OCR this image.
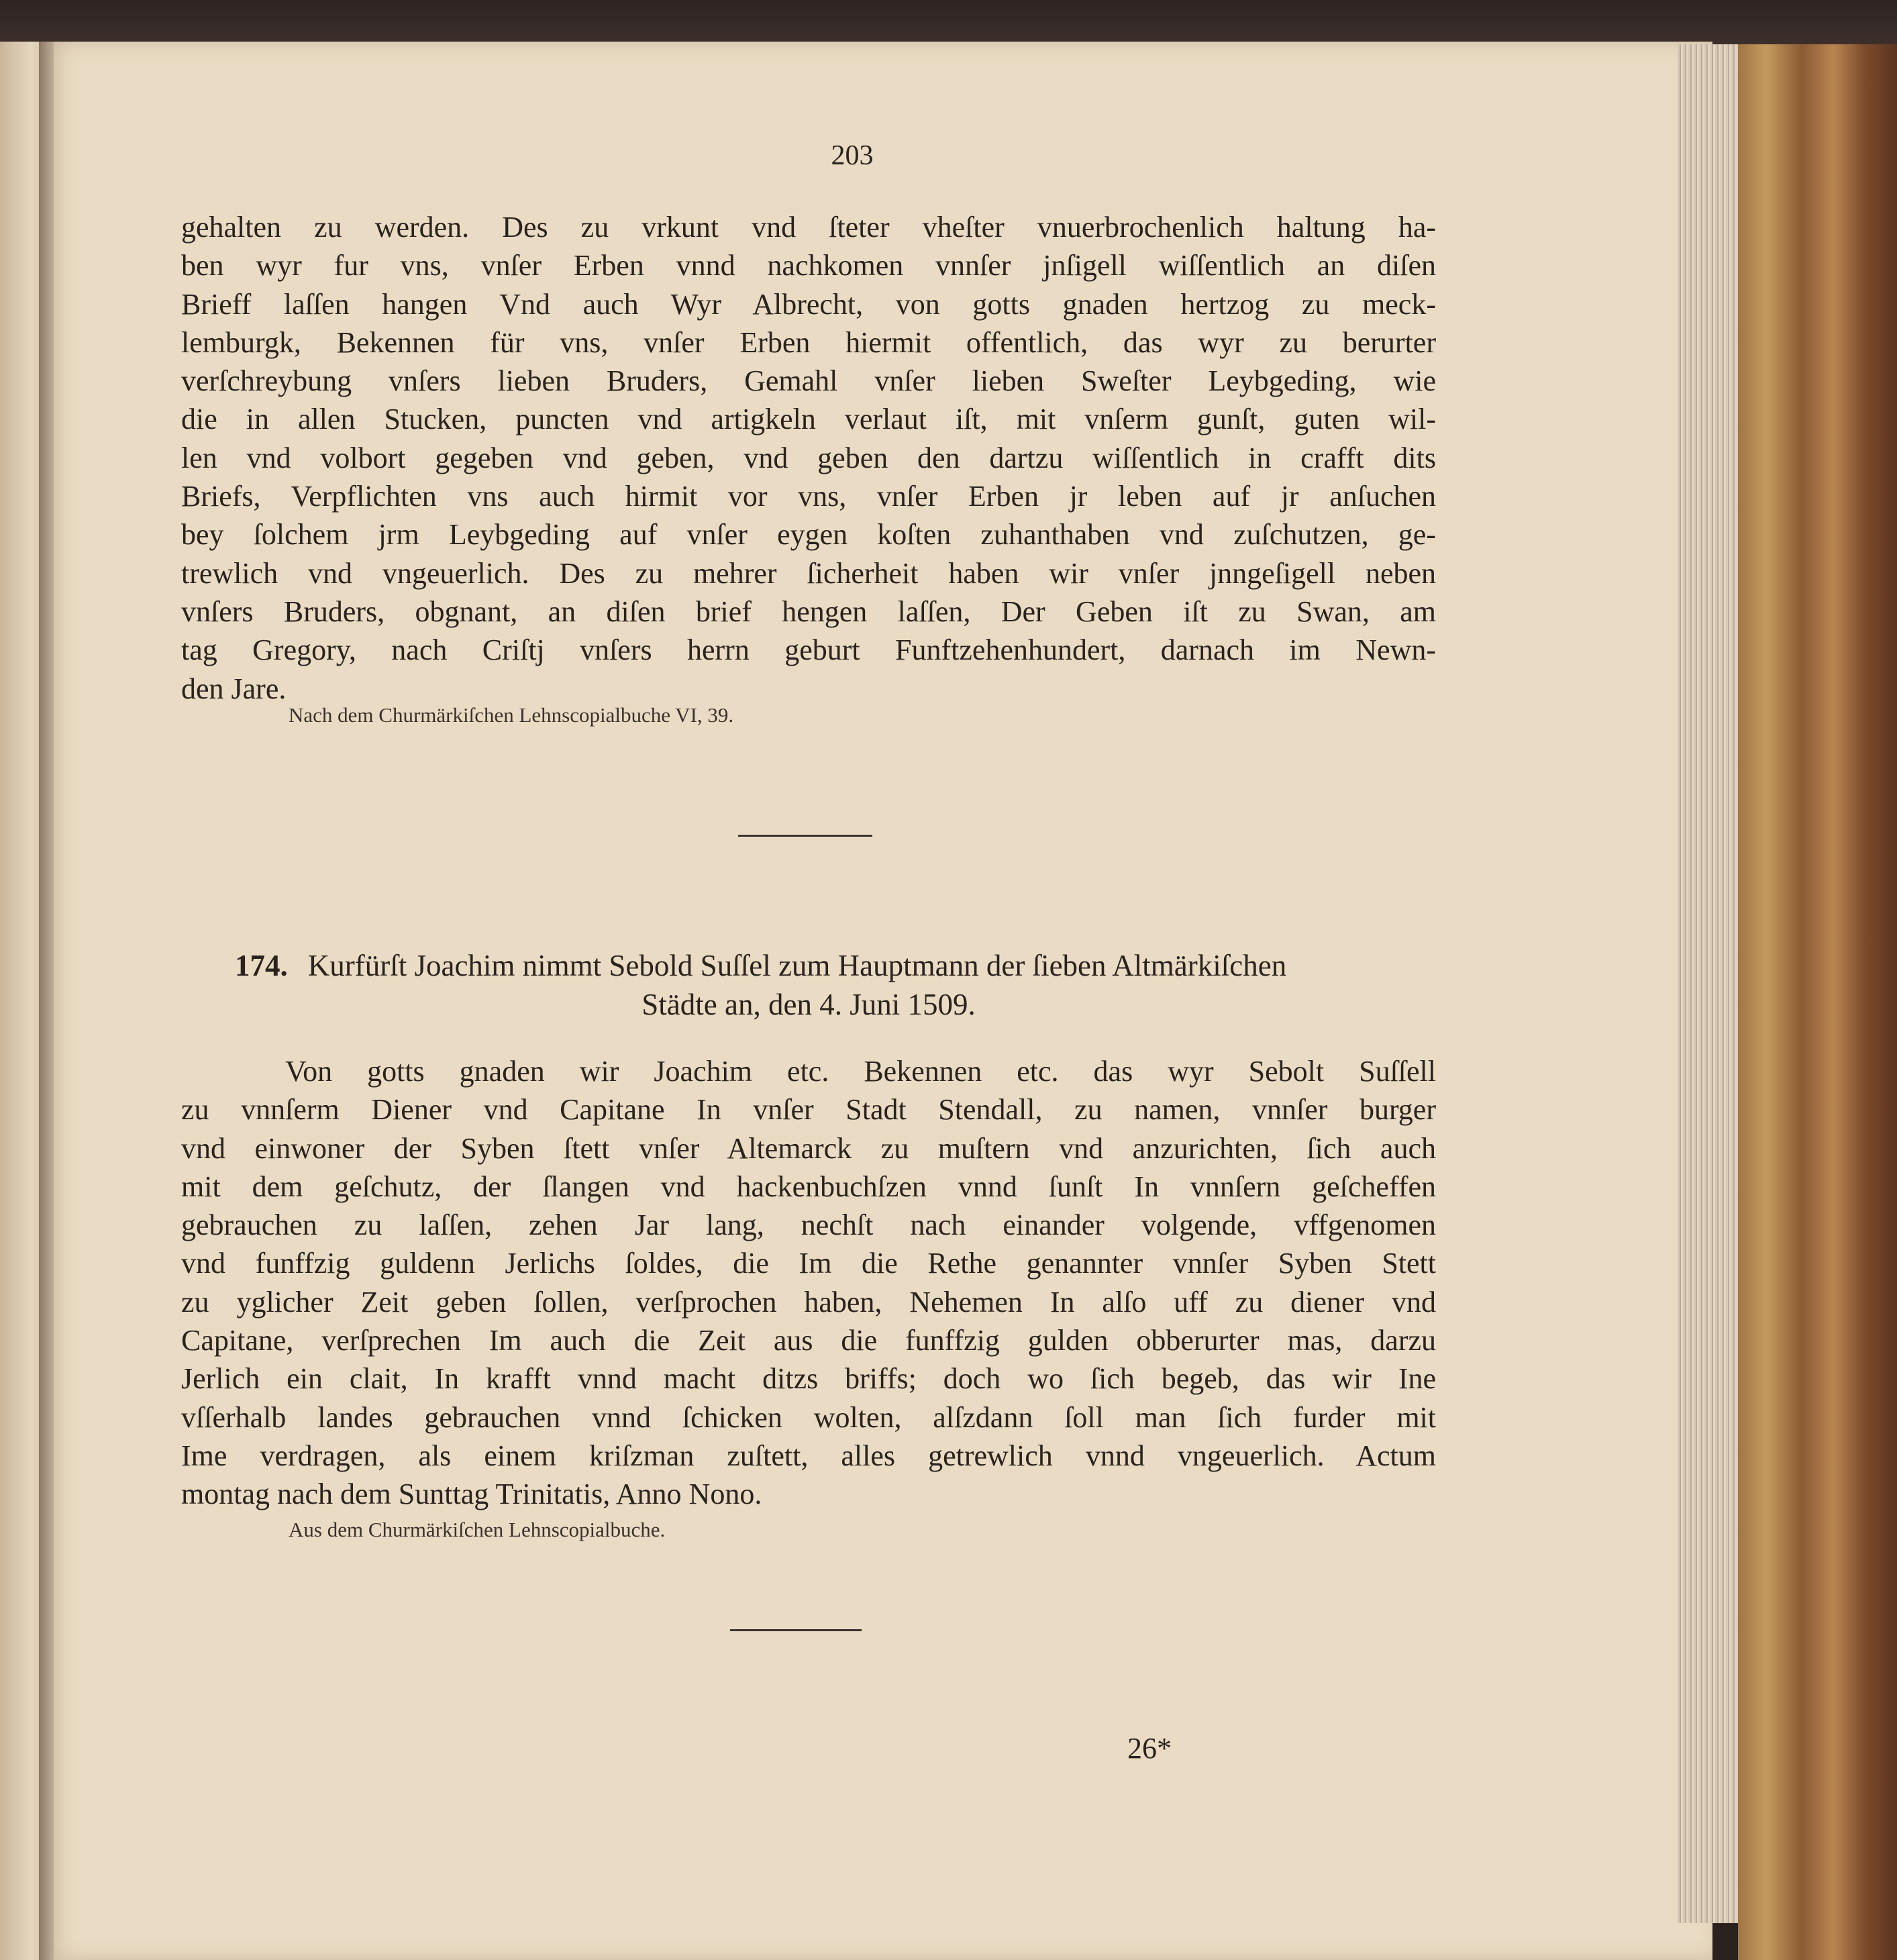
203
gehalten zu werden. Des zu vrkunt vnd ſteter vheſter vnuerbrochenlich haltung ha-
ben wyr fur vns, vnſer Erben vnnd nachkomen vnnſer jnſigell wiſſentlich an diſen
Brieff laſſen hangen Vnd auch Wyr Albrecht, von gotts gnaden hertzog zu meck-
lemburgk, Bekennen für vns, vnſer Erben hiermit offentlich, das wyr zu berurter
verſchreybung vnſers lieben Bruders, Gemahl vnſer lieben Sweſter Leybgeding, wie
die in allen Stucken, puncten vnd artigkeln verlaut iſt, mit vnſerm gunſt, guten wil-
len vnd volbort gegeben vnd geben, vnd geben den dartzu wiſſentlich in crafft dits
Briefs, Verpflichten vns auch hirmit vor vns, vnſer Erben jr leben auf jr anſuchen
bey ſolchem jrm Leybgeding auf vnſer eygen koſten zuhanthaben vnd zuſchutzen, ge-
trewlich vnd vngeuerlich. Des zu mehrer ſicherheit haben wir vnſer jnngeſigell neben
vnſers Bruders, obgnant, an diſen brief hengen laſſen, Der Geben iſt zu Swan, am
tag Gregory, nach Criſtj vnſers herrn geburt Funftzehenhundert, darnach im Newn-
den Jare.
Nach dem Churmärkiſchen Lehnscopialbuche VI, 39.
174. Kurfürſt Joachim nimmt Sebold Suſſel zum Hauptmann der ſieben Altmärkiſchen
Städte an, den 4. Juni 1509.
Von gotts gnaden wir Joachim etc. Bekennen etc. das wyr Sebolt Suſſell
zu vnnſerm Diener vnd Capitane In vnſer Stadt Stendall, zu namen, vnnſer burger
vnd einwoner der Syben ſtett vnſer Altemarck zu muſtern vnd anzurichten, ſich auch
mit dem geſchutz, der ſlangen vnd hackenbuchſzen vnnd ſunſt In vnnſern geſcheffen
gebrauchen zu laſſen, zehen Jar lang, nechſt nach einander volgende, vffgenomen
vnd funffzig guldenn Jerlichs ſoldes, die Im die Rethe genannter vnnſer Syben Stett
zu yglicher Zeit geben ſollen, verſprochen haben, Nehemen In alſo uff zu diener vnd
Capitane, verſprechen Im auch die Zeit aus die funffzig gulden obberurter mas, darzu
Jerlich ein clait, In krafft vnnd macht ditzs briffs; doch wo ſich begeb, das wir Ine
vſſerhalb landes gebrauchen vnnd ſchicken wolten, alſzdann ſoll man ſich furder mit
Ime verdragen, als einem kriſzman zuſtett, alles getrewlich vnnd vngeuerlich. Actum
montag nach dem Sunttag Trinitatis, Anno Nono.
Aus dem Churmärkiſchen Lehnscopialbuche.
26*
